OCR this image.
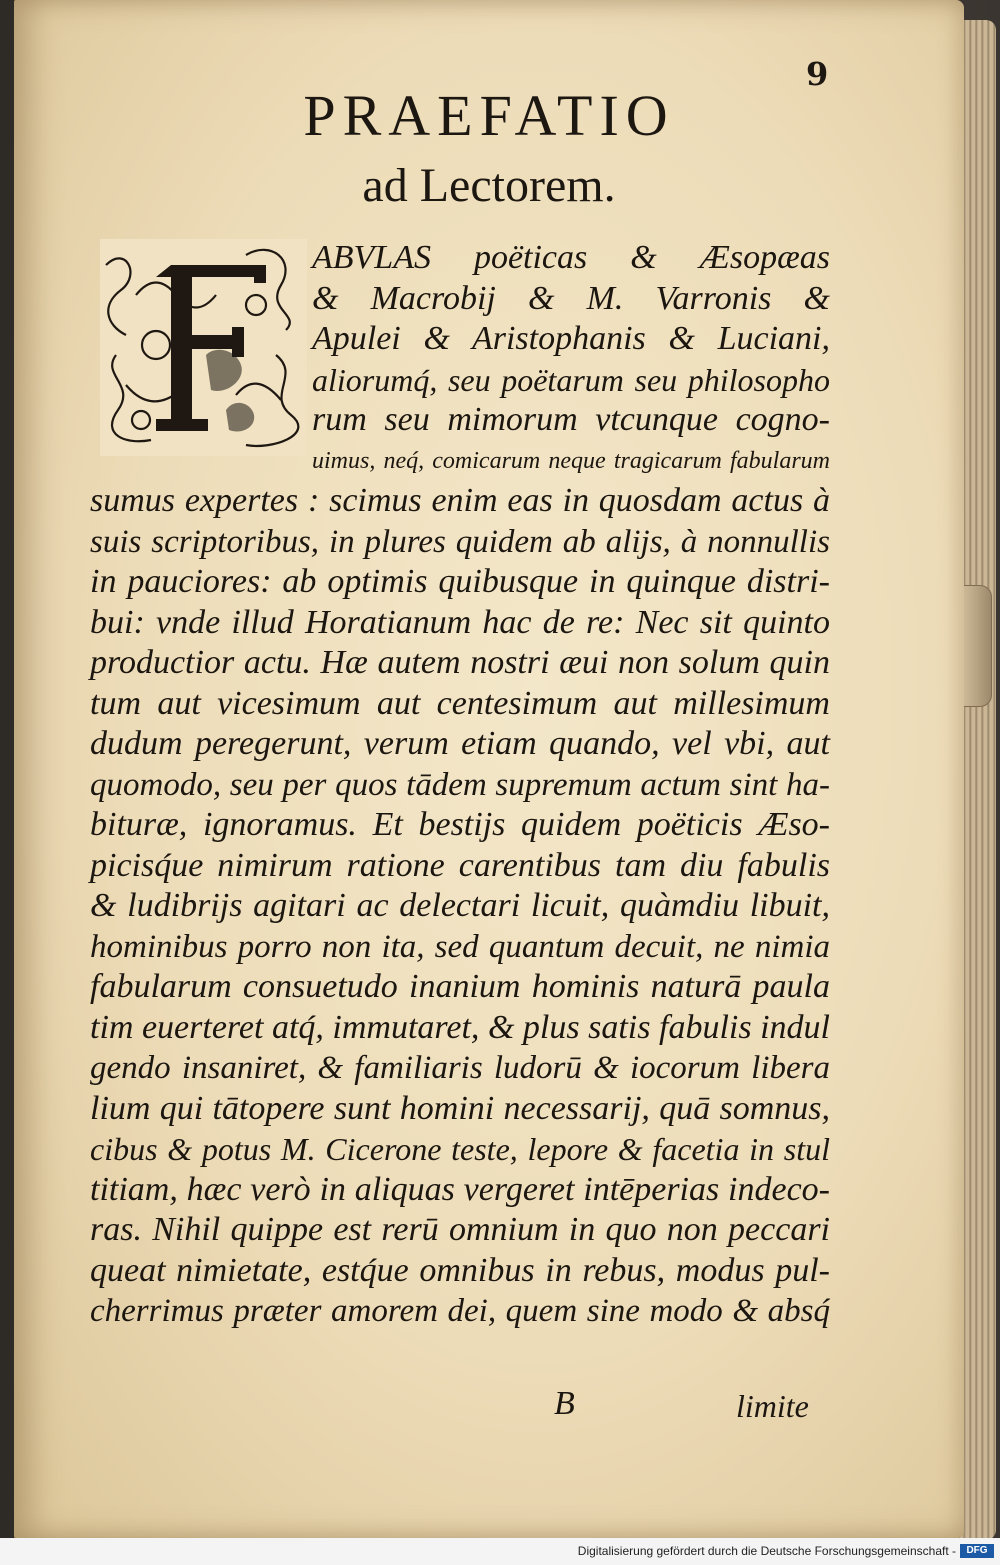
9
PRAEFATIO
ad Lectorem.
ABVLAS poëticas & Æsopæas
& Macrobij & M. Varronis &
Apulei & Aristophanis & Luciani,
aliorumq́, seu poëtarum seu philosopho
rum seu mimorum vtcunque cogno-
uimus, neq́, comicarum neque tragicarum fabularum
sumus expertes : scimus enim eas in quosdam actus à
suis scriptoribus, in plures quidem ab alijs, à nonnullis
in pauciores: ab optimis quibusque in quinque distri-
bui: vnde illud Horatianum hac de re: Nec sit quinto
productior actu. Hæ autem nostri æui non solum quin
tum aut vicesimum aut centesimum aut millesimum
dudum peregerunt, verum etiam quando, vel vbi, aut
quomodo, seu per quos tādem supremum actum sint ha-
bituræ, ignoramus. Et bestijs quidem poëticis Æso-
picisq́ue nimirum ratione carentibus tam diu fabulis
& ludibrijs agitari ac delectari licuit, quàmdiu libuit,
hominibus porro non ita, sed quantum decuit, ne nimia
fabularum consuetudo inanium hominis naturā paula
tim euerteret atq́, immutaret, & plus satis fabulis indul
gendo insaniret, & familiaris ludorū & iocorum libera
lium qui tātopere sunt homini necessarij, quā somnus,
cibus & potus M. Cicerone teste, lepore & facetia in stul
titiam, hæc verò in aliquas vergeret intēperias indeco-
ras. Nihil quippe est rerū omnium in quo non peccari
queat nimietate, estq́ue omnibus in rebus, modus pul-
cherrimus præter amorem dei, quem sine modo & absq́
B	limite
Digitalisierung gefördert durch die Deutsche Forschungsgemeinschaft -	DFG
